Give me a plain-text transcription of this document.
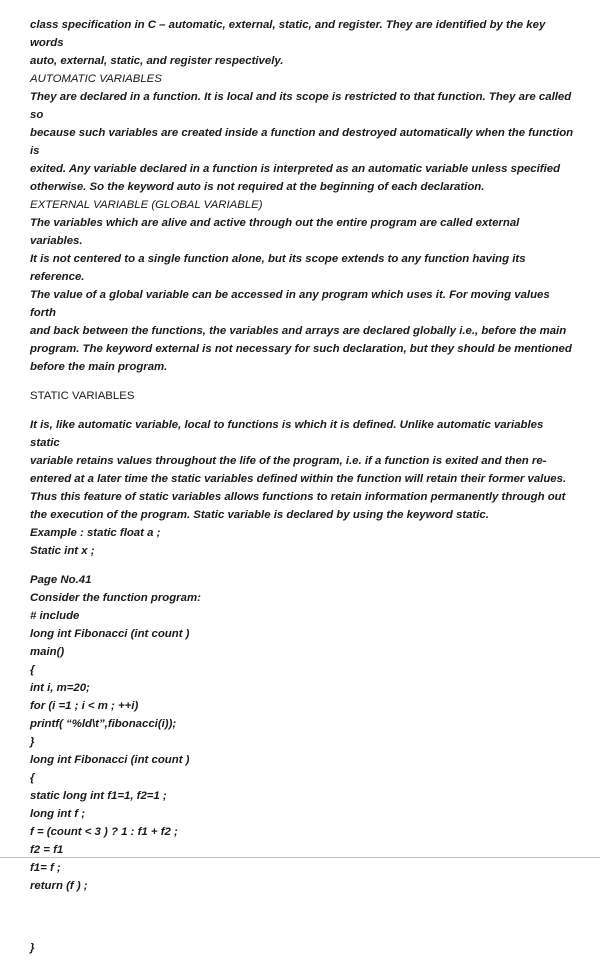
class specification in C – automatic, external, static, and register. They are identified by the key words

auto, external, static, and register respectively.

AUTOMATIC VARIABLES

They are declared in a function. It is local and its scope is restricted to that function. They are called so

because such variables are created inside a function and destroyed automatically when the function is

exited. Any variable declared in a function is interpreted as an automatic variable unless specified

otherwise. So the keyword auto is not required at the beginning of each declaration.

EXTERNAL VARIABLE (GLOBAL VARIABLE)

The variables which are alive and active through out the entire program are called external variables.

It is not centered to a single function alone, but its scope extends to any function having its reference.

The value of a global variable can be accessed in any program which uses it. For moving values forth

and back between the functions, the variables and arrays are declared globally i.e., before the main

program. The keyword external is not necessary for such declaration, but they should be mentioned

before the main program.

STATIC VARIABLES

It is, like automatic variable, local to functions is which it is defined. Unlike automatic variables static

variable retains values throughout the life of the program, i.e. if a function is exited and then re-

entered at a later time the static variables defined within the function will retain their former values.

Thus this feature of static variables allows functions to retain information permanently through out

the execution of the program. Static variable is declared by using the keyword static.

Example : static float a ;

Static int x ;

Page No.41

Consider the function program:

# include

long int Fibonacci (int count )

main()

{

int i, m=20;

for (i =1 ; i < m ; ++i)

printf( “%ld\t”,fibonacci(i));

}

long int Fibonacci (int count )

{

static long int f1=1, f2=1 ;

long int f ;

f = (count < 3 ) ? 1 : f1 + f2 ;

f2 = f1

f1= f ;

return (f ) ;

}
